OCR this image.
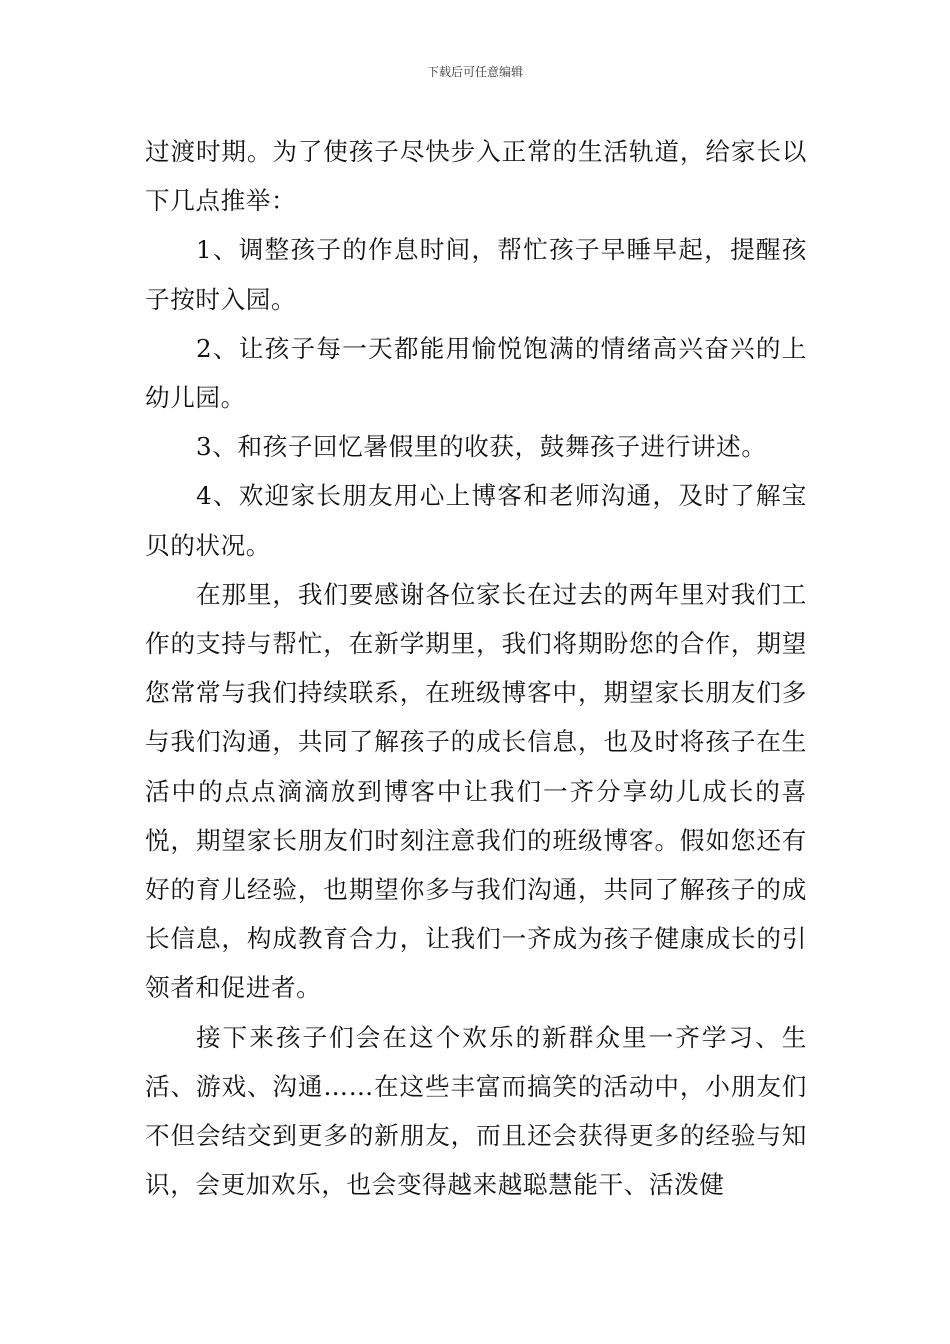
下载后可任意编辑

过渡时期。为了使孩子尽快步入正常的生活轨道，给家长以下几点推举：

1、调整孩子的作息时间，帮忙孩子早睡早起，提醒孩子按时入园。

2、让孩子每一天都能用愉悦饱满的情绪高兴奋兴的上幼儿园。

3、和孩子回忆暑假里的收获，鼓舞孩子进行讲述。

4、欢迎家长朋友用心上博客和老师沟通，及时了解宝贝的状况。

在那里，我们要感谢各位家长在过去的两年里对我们工作的支持与帮忙，在新学期里，我们将期盼您的合作，期望您常常与我们持续联系，在班级博客中，期望家长朋友们多与我们沟通，共同了解孩子的成长信息，也及时将孩子在生活中的点点滴滴放到博客中让我们一齐分享幼儿成长的喜悦，期望家长朋友们时刻注意我们的班级博客。假如您还有好的育儿经验，也期望你多与我们沟通，共同了解孩子的成长信息，构成教育合力，让我们一齐成为孩子健康成长的引领者和促进者。

接下来孩子们会在这个欢乐的新群众里一齐学习、生活、游戏、沟通……在这些丰富而搞笑的活动中，小朋友们不但会结交到更多的新朋友，而且还会获得更多的经验与知识，会更加欢乐，也会变得越来越聪慧能干、活泼健
